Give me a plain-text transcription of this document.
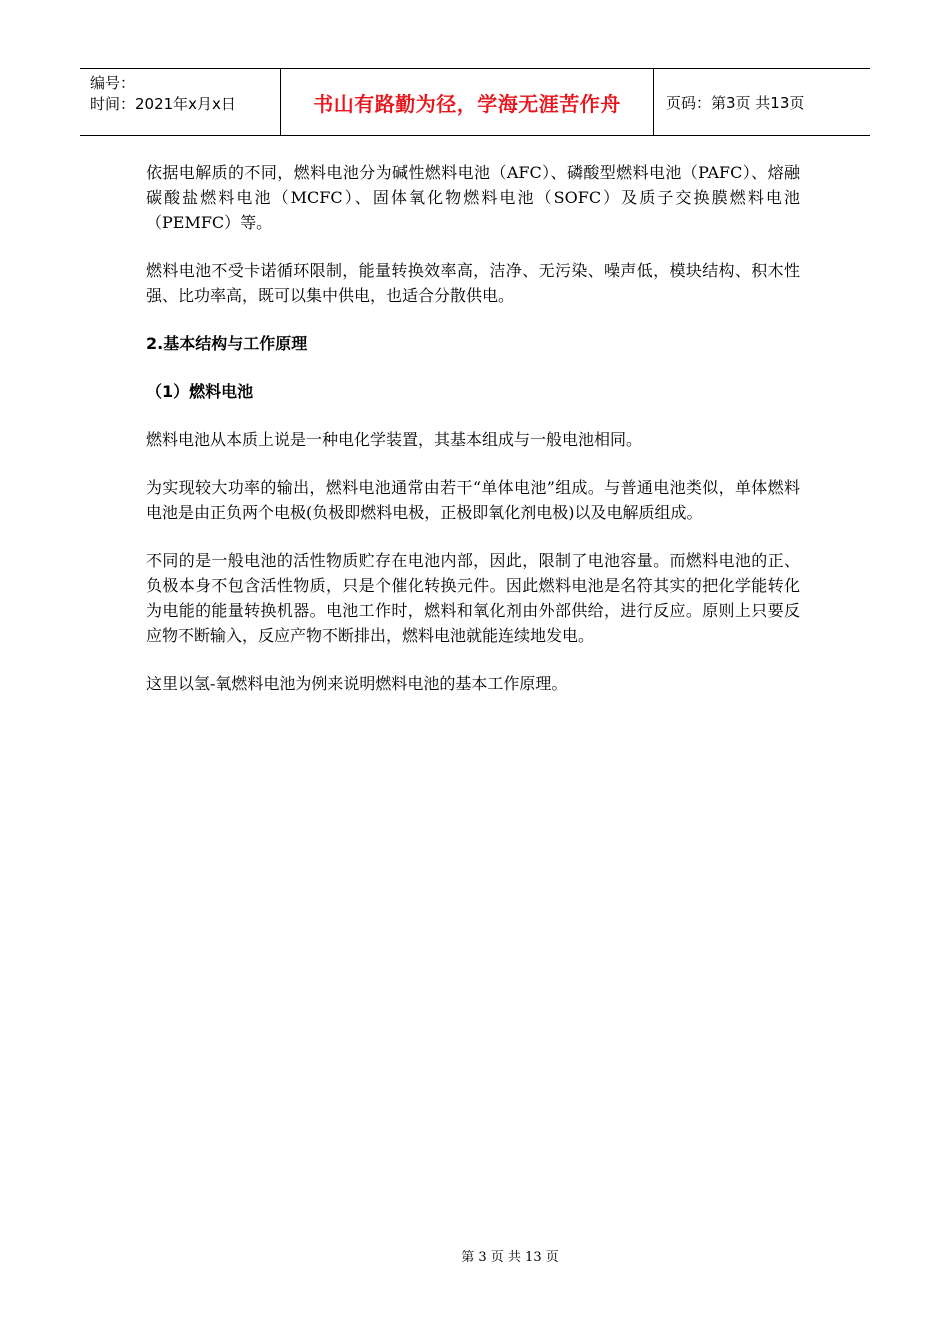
编号：
时间：2021年x月x日	书山有路勤为径，学海无涯苦作舟	页码：第3页 共13页

依据电解质的不同，燃料电池分为碱性燃料电池（AFC）、磷酸型燃料电池（PAFC）、熔融碳酸盐燃料电池（MCFC）、固体氧化物燃料电池（SOFC）及质子交换膜燃料电池（PEMFC）等。

燃料电池不受卡诺循环限制，能量转换效率高，洁净、无污染、噪声低，模块结构、积木性强、比功率高，既可以集中供电，也适合分散供电。

2.基本结构与工作原理
（1）燃料电池

燃料电池从本质上说是一种电化学装置，其基本组成与一般电池相同。

为实现较大功率的输出，燃料电池通常由若干“单体电池”组成。与普通电池类似，单体燃料电池是由正负两个电极(负极即燃料电极，正极即氧化剂电极)以及电解质组成。

不同的是一般电池的活性物质贮存在电池内部，因此，限制了电池容量。而燃料电池的正、负极本身不包含活性物质，只是个催化转换元件。因此燃料电池是名符其实的把化学能转化为电能的能量转换机器。电池工作时，燃料和氧化剂由外部供给，进行反应。原则上只要反应物不断输入，反应产物不断排出，燃料电池就能连续地发电。

这里以氢-氧燃料电池为例来说明燃料电池的基本工作原理。

第 3 页 共 13 页
